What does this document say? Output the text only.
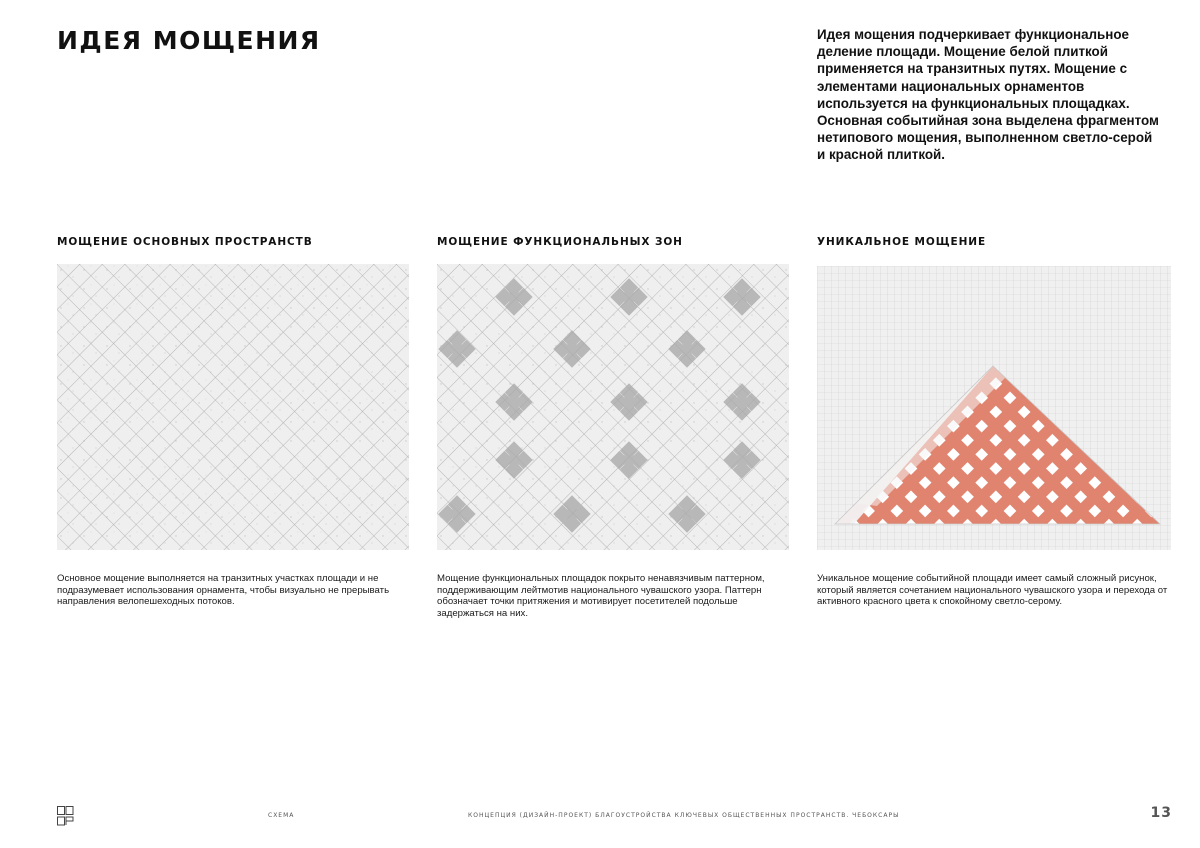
ИДЕЯ МОЩЕНИЯ	Идея мощения подчеркивает функциональное деление площади. Мощение белой плиткой применяется на транзитных путях. Мощение с элементами национальных орнаментов используется на функциональных площадках. Основная событийная зона выделена фрагментом нетипового мощения, выполненном светло-серой и красной плиткой.

МОЩЕНИЕ ОСНОВНЫХ ПРОСТРАНСТВ

Основное мощение выполняется на транзитных участках площади и не подразумевает использования орнамента, чтобы визуально не прерывать направления велопешеходных потоков.

МОЩЕНИЕ ФУНКЦИОНАЛЬНЫХ ЗОН

Мощение функциональных площадок покрыто ненавязчивым паттерном, поддерживающим лейтмотив национального чувашского узора. Паттерн обозначает точки притяжения и мотивирует посетителей подольше задержаться на них.

УНИКАЛЬНОЕ МОЩЕНИЕ

Уникальное мощение событийной площади имеет самый сложный рисунок, который является сочетанием национального чувашского узора и перехода от активного красного цвета к спокойному светло-серому.

СХЕМА	КОНЦЕПЦИЯ (ДИЗАЙН-ПРОЕКТ) БЛАГОУСТРОЙСТВА КЛЮЧЕВЫХ ОБЩЕСТВЕННЫХ ПРОСТРАНСТВ. ЧЕБОКСАРЫ	13
